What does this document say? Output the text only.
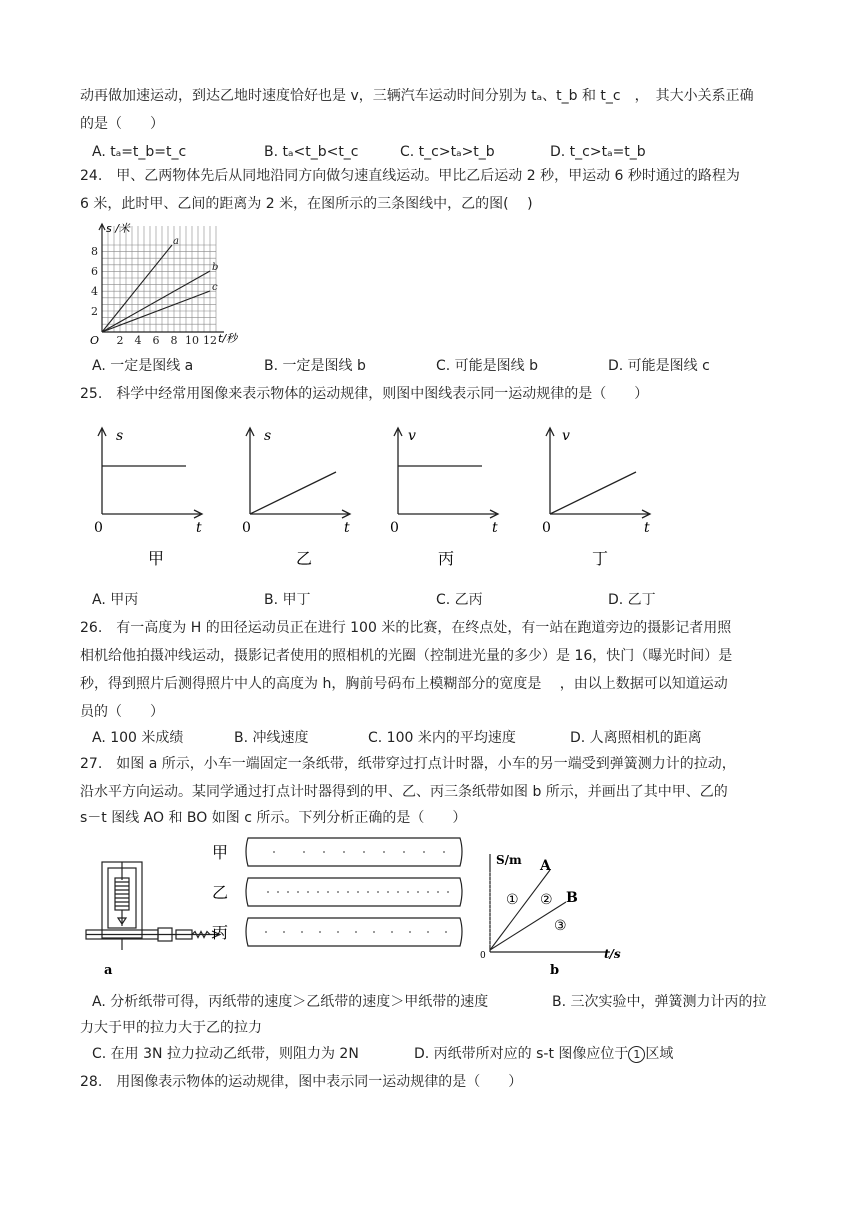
动再做加速运动，到达乙地时速度恰好也是 v，三辆汽车运动时间分别为 tₐ、t_b 和 t_c　，　其大小关系正确
的是（　　）
A. tₐ=t_b=t_c	B. tₐ<t_b<t_c	C. t_c>tₐ>t_b	D. t_c>tₐ=t_b
24.　甲、乙两物体先后从同地沿同方向做匀速直线运动。甲比乙后运动 2 秒，甲运动 6 秒时通过的路程为
6 米，此时甲、乙间的距离为 2 米，在图所示的三条图线中，乙的图(　 )
a
b
c
s /米
2
4
6
8
O 2 4 6 8 10 12 t/秒
A. 一定是图线 a	B. 一定是图线 b	C. 可能是图线 b	D. 可能是图线 c
25.　科学中经常用图像来表示物体的运动规律，则图中图线表示同一运动规律的是（　　）
s
0	t
甲
s
0	t
乙
v
0	t
丙
v
0	t
丁
A. 甲丙	B. 甲丁	C. 乙丙	D. 乙丁
26.　有一高度为 H 的田径运动员正在进行 100 米的比赛，在终点处，有一站在跑道旁边的摄影记者用照
相机给他拍摄冲线运动，摄影记者使用的照相机的光圈（控制进光量的多少）是 16，快门（曝光时间）是
秒，得到照片后测得照片中人的高度为 h，胸前号码布上模糊部分的宽度是　 ，由以上数据可以知道运动
员的（　　）
A. 100 米成绩	B. 冲线速度	C. 100 米内的平均速度	D. 人离照相机的距离
27.　如图 a 所示，小车一端固定一条纸带，纸带穿过打点计时器，小车的另一端受到弹簧测力计的拉动，
沿水平方向运动。某同学通过打点计时器得到的甲、乙、丙三条纸带如图 b 所示，并画出了其中甲、乙的
s－t 图线 AO 和 BO 如图 c 所示。下列分析正确的是（　　）
a
甲
乙
丙
S/m A
B
① ②
③
0	t/s
b
A. 分析纸带可得，丙纸带的速度＞乙纸带的速度＞甲纸带的速度	B. 三次实验中，弹簧测力计丙的拉
力大于甲的拉力大于乙的拉力
C. 在用 3N 拉力拉动乙纸带，则阻力为 2N	D. 丙纸带所对应的 s-t 图像应位于 1 区域
28.　用图像表示物体的运动规律，图中表示同一运动规律的是（　　）
